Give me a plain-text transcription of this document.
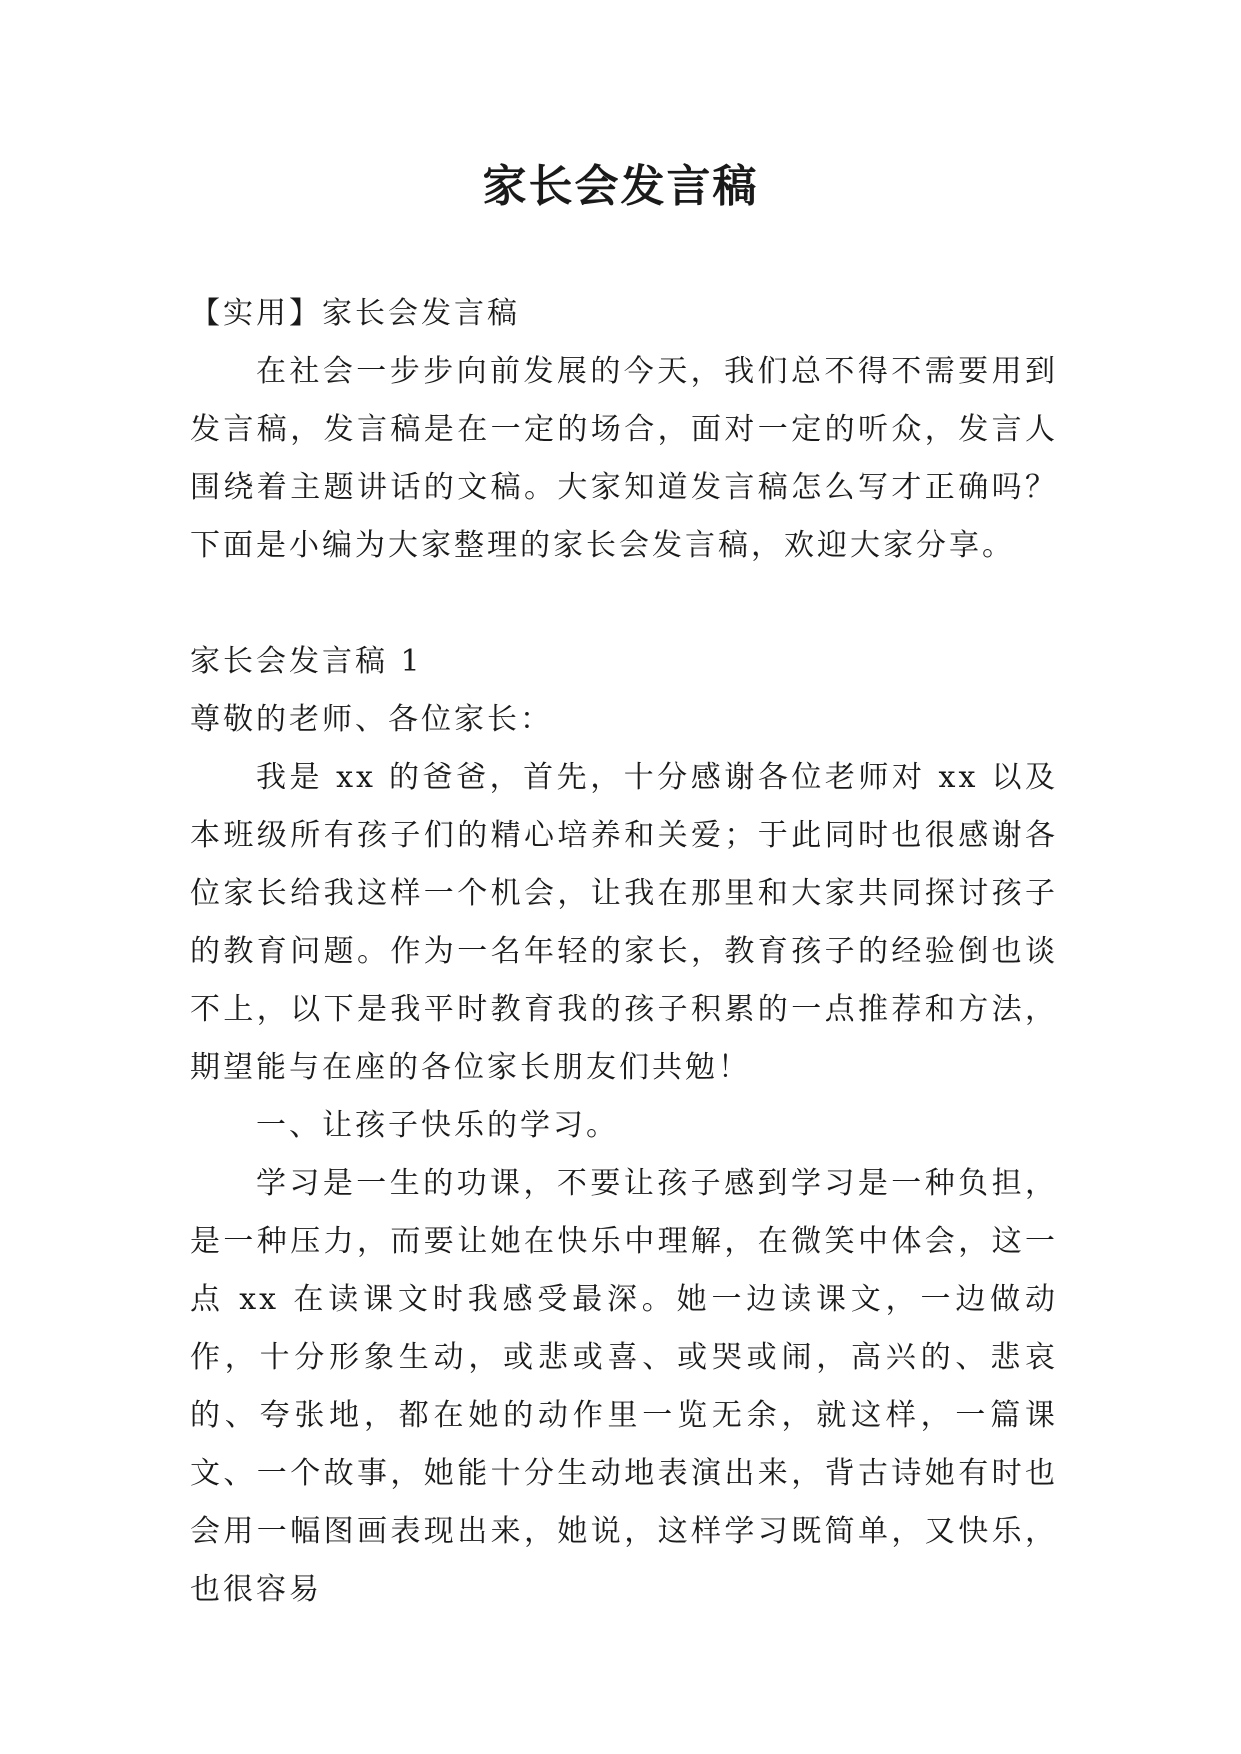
家长会发言稿

【实用】家长会发言稿

在社会一步步向前发展的今天，我们总不得不需要用到发言稿，发言稿是在一定的场合，面对一定的听众，发言人围绕着主题讲话的文稿。大家知道发言稿怎么写才正确吗？下面是小编为大家整理的家长会发言稿，欢迎大家分享。

家长会发言稿 1

尊敬的老师、各位家长：

我是 xx 的爸爸，首先，十分感谢各位老师对 xx 以及本班级所有孩子们的精心培养和关爱；于此同时也很感谢各位家长给我这样一个机会，让我在那里和大家共同探讨孩子的教育问题。作为一名年轻的家长，教育孩子的经验倒也谈不上，以下是我平时教育我的孩子积累的一点推荐和方法，期望能与在座的各位家长朋友们共勉！

一、让孩子快乐的学习。

学习是一生的功课，不要让孩子感到学习是一种负担，是一种压力，而要让她在快乐中理解，在微笑中体会，这一点 xx 在读课文时我感受最深。她一边读课文，一边做动作，十分形象生动，或悲或喜、或哭或闹，高兴的、悲哀的、夸张地，都在她的动作里一览无余，就这样，一篇课文、一个故事，她能十分生动地表演出来，背古诗她有时也会用一幅图画表现出来，她说，这样学习既简单，又快乐，也很容易
